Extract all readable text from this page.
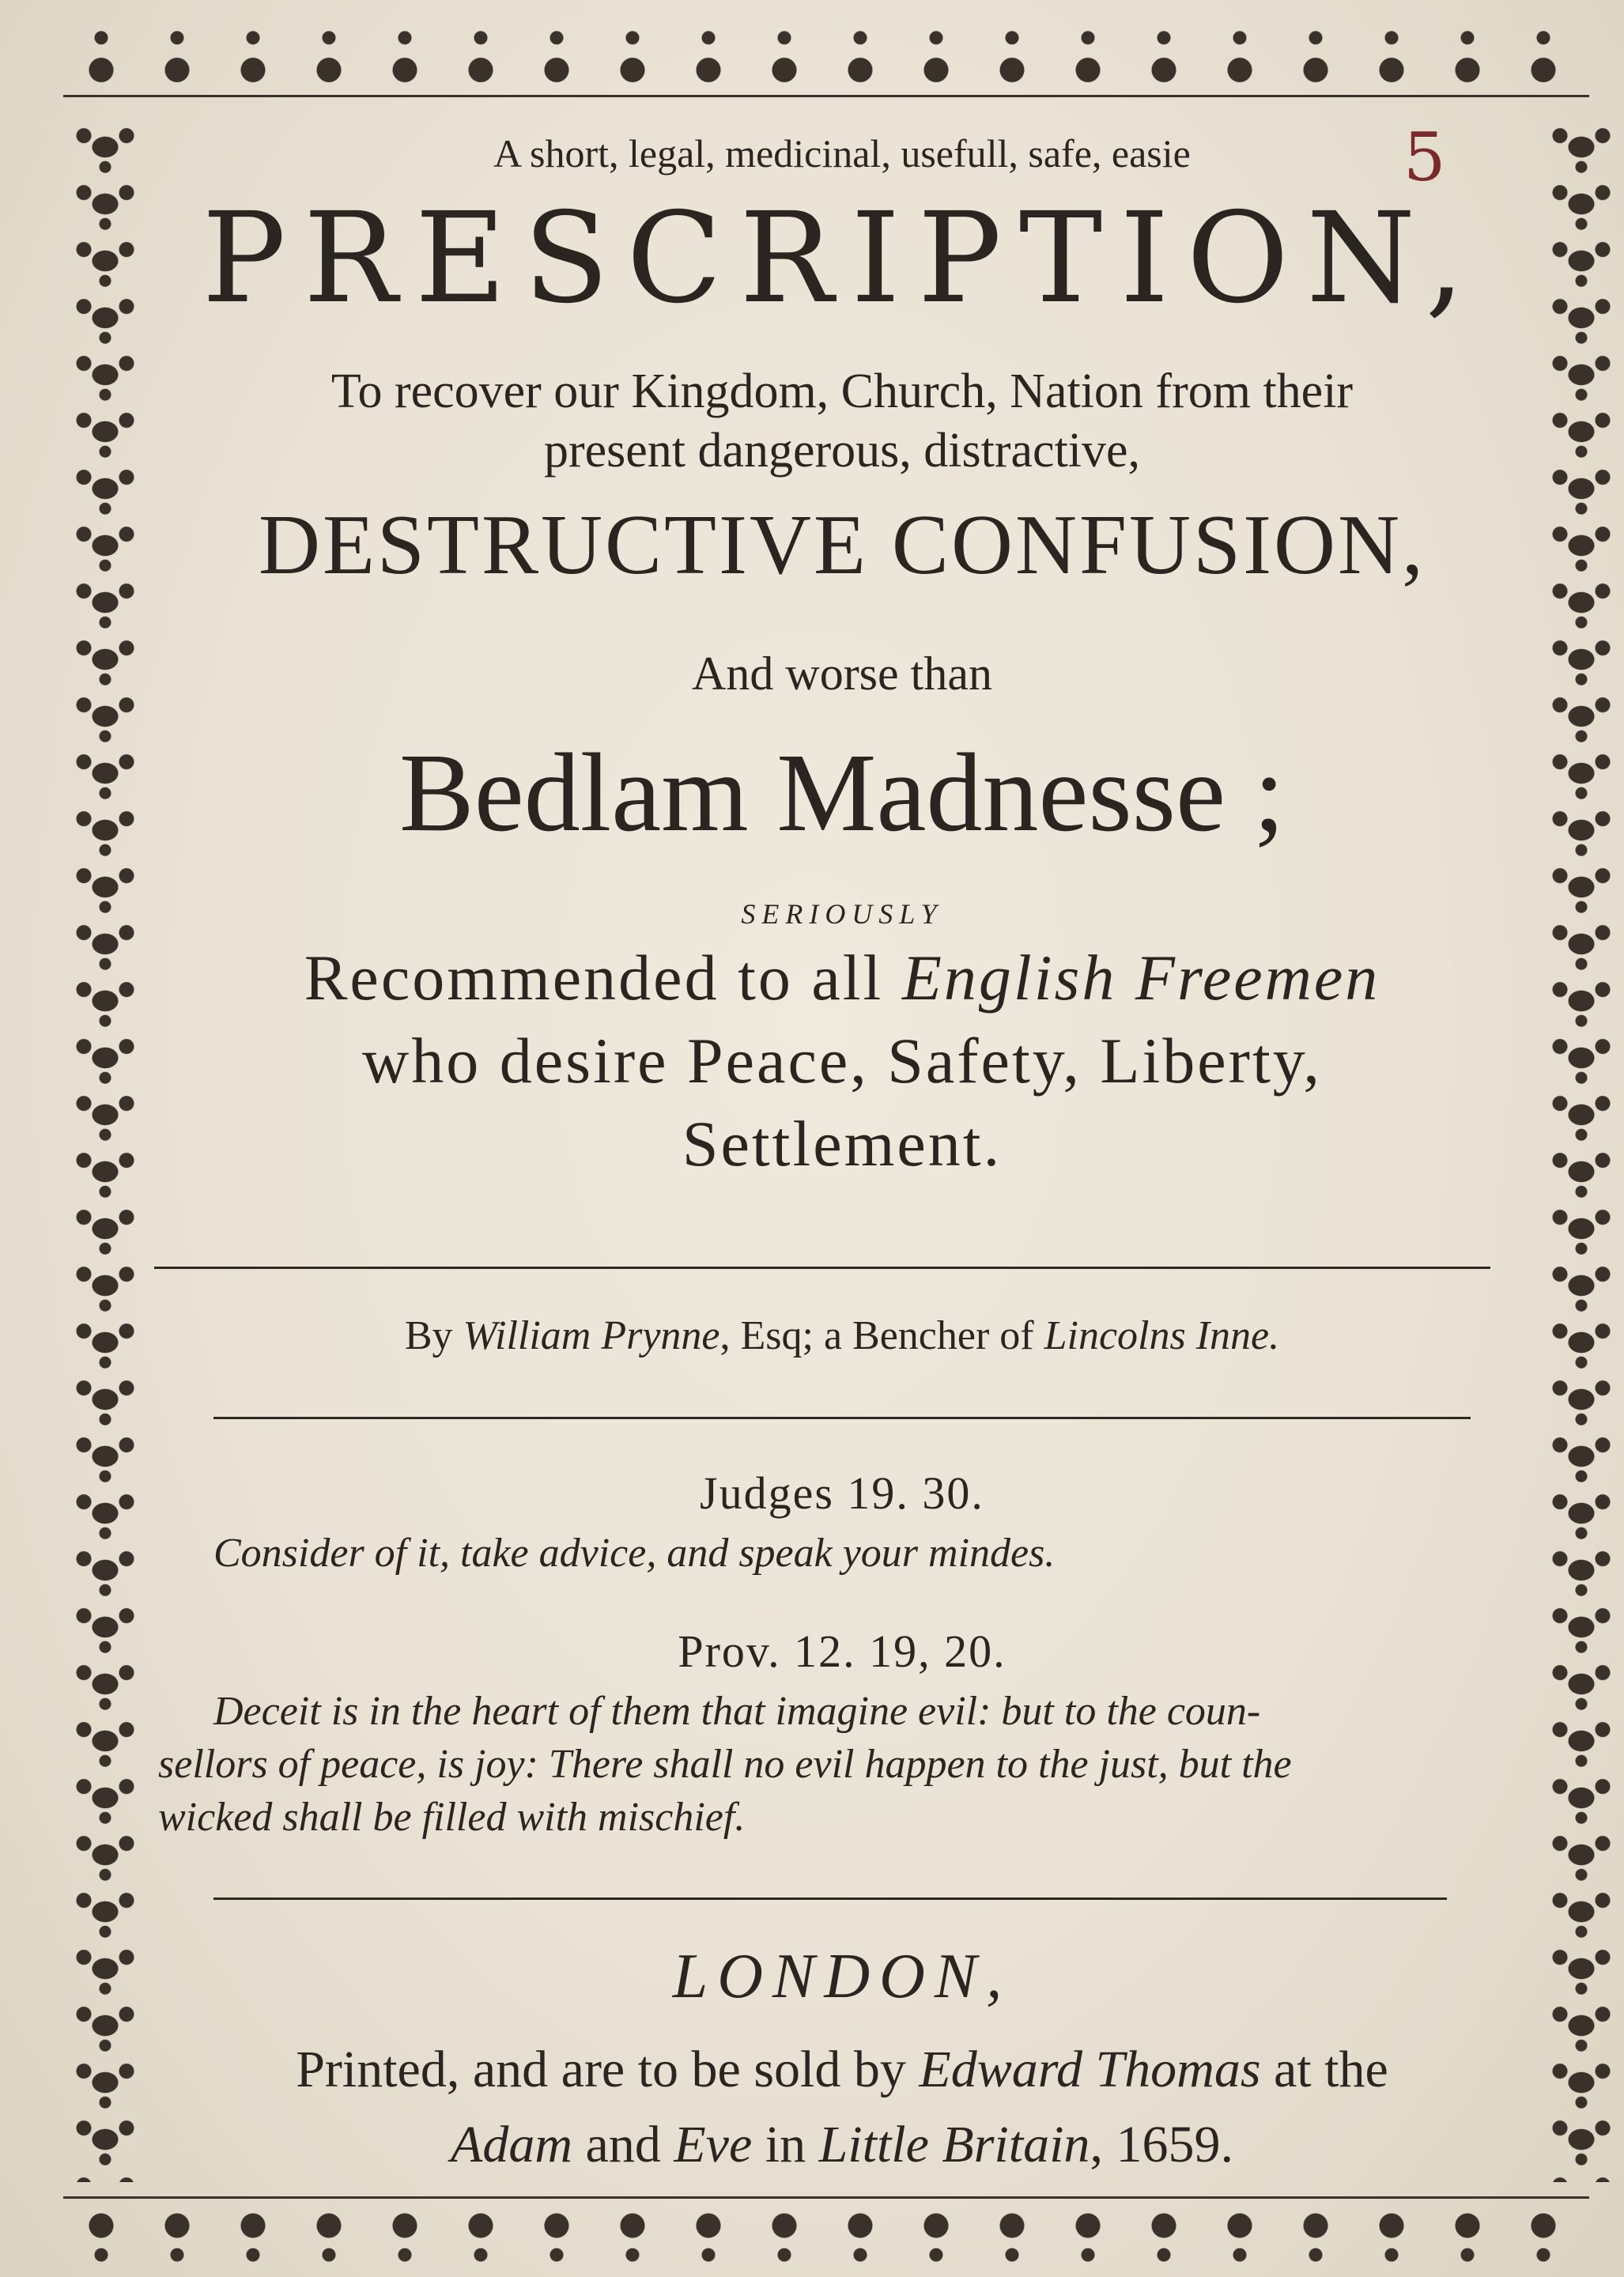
5
A short, legal, medicinal, usefull, safe, easie
PRESCRIPTION,
To recover our Kingdom, Church, Nation from their
present dangerous, distractive,
DESTRUCTIVE CONFUSION,
And worse than
Bedlam Madnesse ;
SERIOUSLY
Recommended to all English Freemen
who desire Peace, Safety, Liberty,
Settlement.
By William Prynne, Esq; a Bencher of Lincolns Inne.
Judges 19. 30.
Consider of it, take advice, and speak your mindes.
Prov. 12. 19, 20.
Deceit is in the heart of them that imagine evil: but to the coun-
sellors of peace, is joy: There shall no evil happen to the just, but the
wicked shall be filled with mischief.
LONDON,
Printed, and are to be sold by Edward Thomas at the
Adam and Eve in Little Britain, 1659.
